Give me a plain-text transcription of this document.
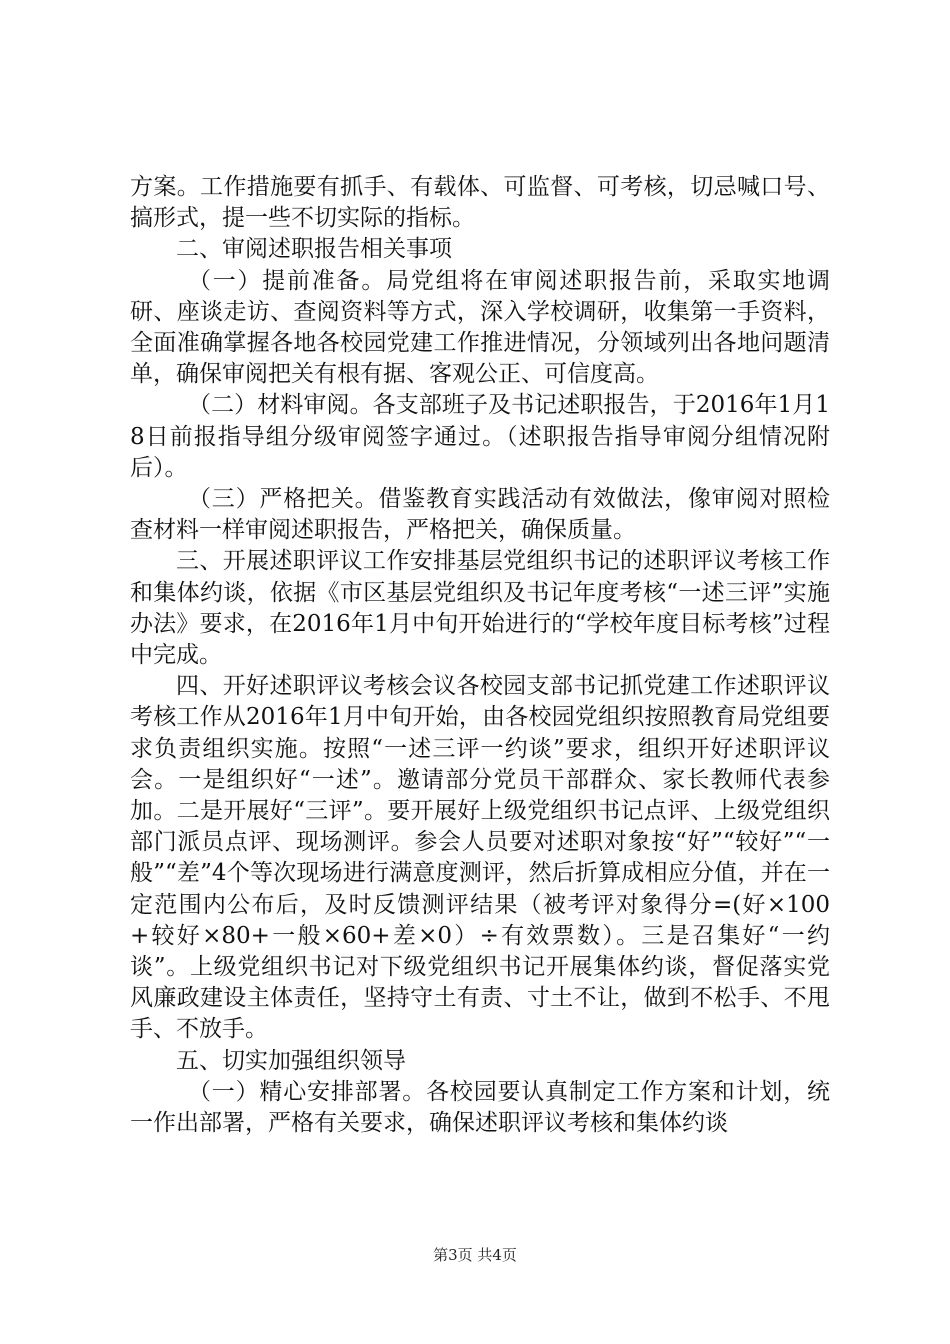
方案。工作措施要有抓手、有载体、可监督、可考核，切忌喊口号、搞形式，提一些不切实际的指标。

二、审阅述职报告相关事项

（一）提前准备。局党组将在审阅述职报告前，采取实地调研、座谈走访、查阅资料等方式，深入学校调研，收集第一手资料，全面准确掌握各地各校园党建工作推进情况，分领域列出各地问题清单，确保审阅把关有根有据、客观公正、可信度高。

（二）材料审阅。各支部班子及书记述职报告，于2016年1月18日前报指导组分级审阅签字通过。（述职报告指导审阅分组情况附后）。

（三）严格把关。借鉴教育实践活动有效做法，像审阅对照检查材料一样审阅述职报告，严格把关，确保质量。

三、开展述职评议工作安排基层党组织书记的述职评议考核工作和集体约谈，依据《市区基层党组织及书记年度考核“一述三评”实施办法》要求，在2016年1月中旬开始进行的“学校年度目标考核”过程中完成。

四、开好述职评议考核会议各校园支部书记抓党建工作述职评议考核工作从2016年1月中旬开始，由各校园党组织按照教育局党组要求负责组织实施。按照“一述三评一约谈”要求，组织开好述职评议会。一是组织好“一述”。邀请部分党员干部群众、家长教师代表参加。二是开展好“三评”。要开展好上级党组织书记点评、上级党组织部门派员点评、现场测评。参会人员要对述职对象按“好”“较好”“一般”“差”4个等次现场进行满意度测评，然后折算成相应分值，并在一定范围内公布后，及时反馈测评结果（被考评对象得分=(好×100+较好×80+一般×60+差×0）÷有效票数）。三是召集好“一约谈”。上级党组织书记对下级党组织书记开展集体约谈，督促落实党风廉政建设主体责任，坚持守土有责、寸土不让，做到不松手、不甩手、不放手。

五、切实加强组织领导

（一）精心安排部署。各校园要认真制定工作方案和计划，统一作出部署，严格有关要求，确保述职评议考核和集体约谈

第3页 共4页
